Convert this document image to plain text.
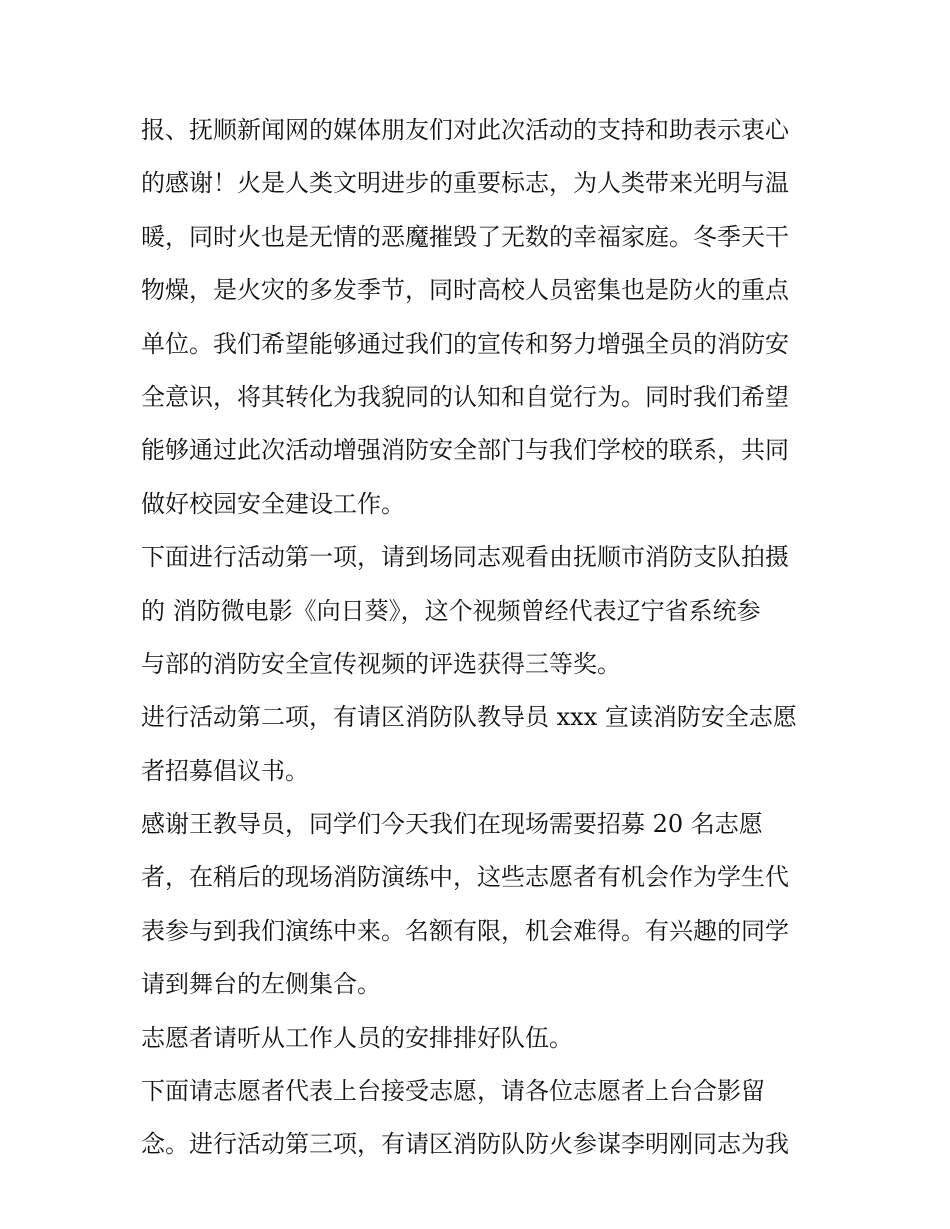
报、抚顺新闻网的媒体朋友们对此次活动的支持和助表示衷心
的感谢！火是人类文明进步的重要标志，为人类带来光明与温
暖，同时火也是无情的恶魔摧毁了无数的幸福家庭。冬季天干
物燥，是火灾的多发季节，同时高校人员密集也是防火的重点
单位。我们希望能够通过我们的宣传和努力增强全员的消防安
全意识，将其转化为我貌同的认知和自觉行为。同时我们希望
能够通过此次活动增强消防安全部门与我们学校的联系，共同
做好校园安全建设工作。
下面进行活动第一项，请到场同志观看由抚顺市消防支队拍摄
的 消防微电影《向日葵》，这个视频曾经代表辽宁省系统参
与部的消防安全宣传视频的评选获得三等奖。
进行活动第二项，有请区消防队教导员 xxx 宣读消防安全志愿
者招募倡议书。
感谢王教导员，同学们今天我们在现场需要招募 20 名志愿
者，在稍后的现场消防演练中，这些志愿者有机会作为学生代
表参与到我们演练中来。名额有限，机会难得。有兴趣的同学
请到舞台的左侧集合。
志愿者请听从工作人员的安排排好队伍。
下面请志愿者代表上台接受志愿，请各位志愿者上台合影留
念。进行活动第三项，有请区消防队防火参谋李明刚同志为我
